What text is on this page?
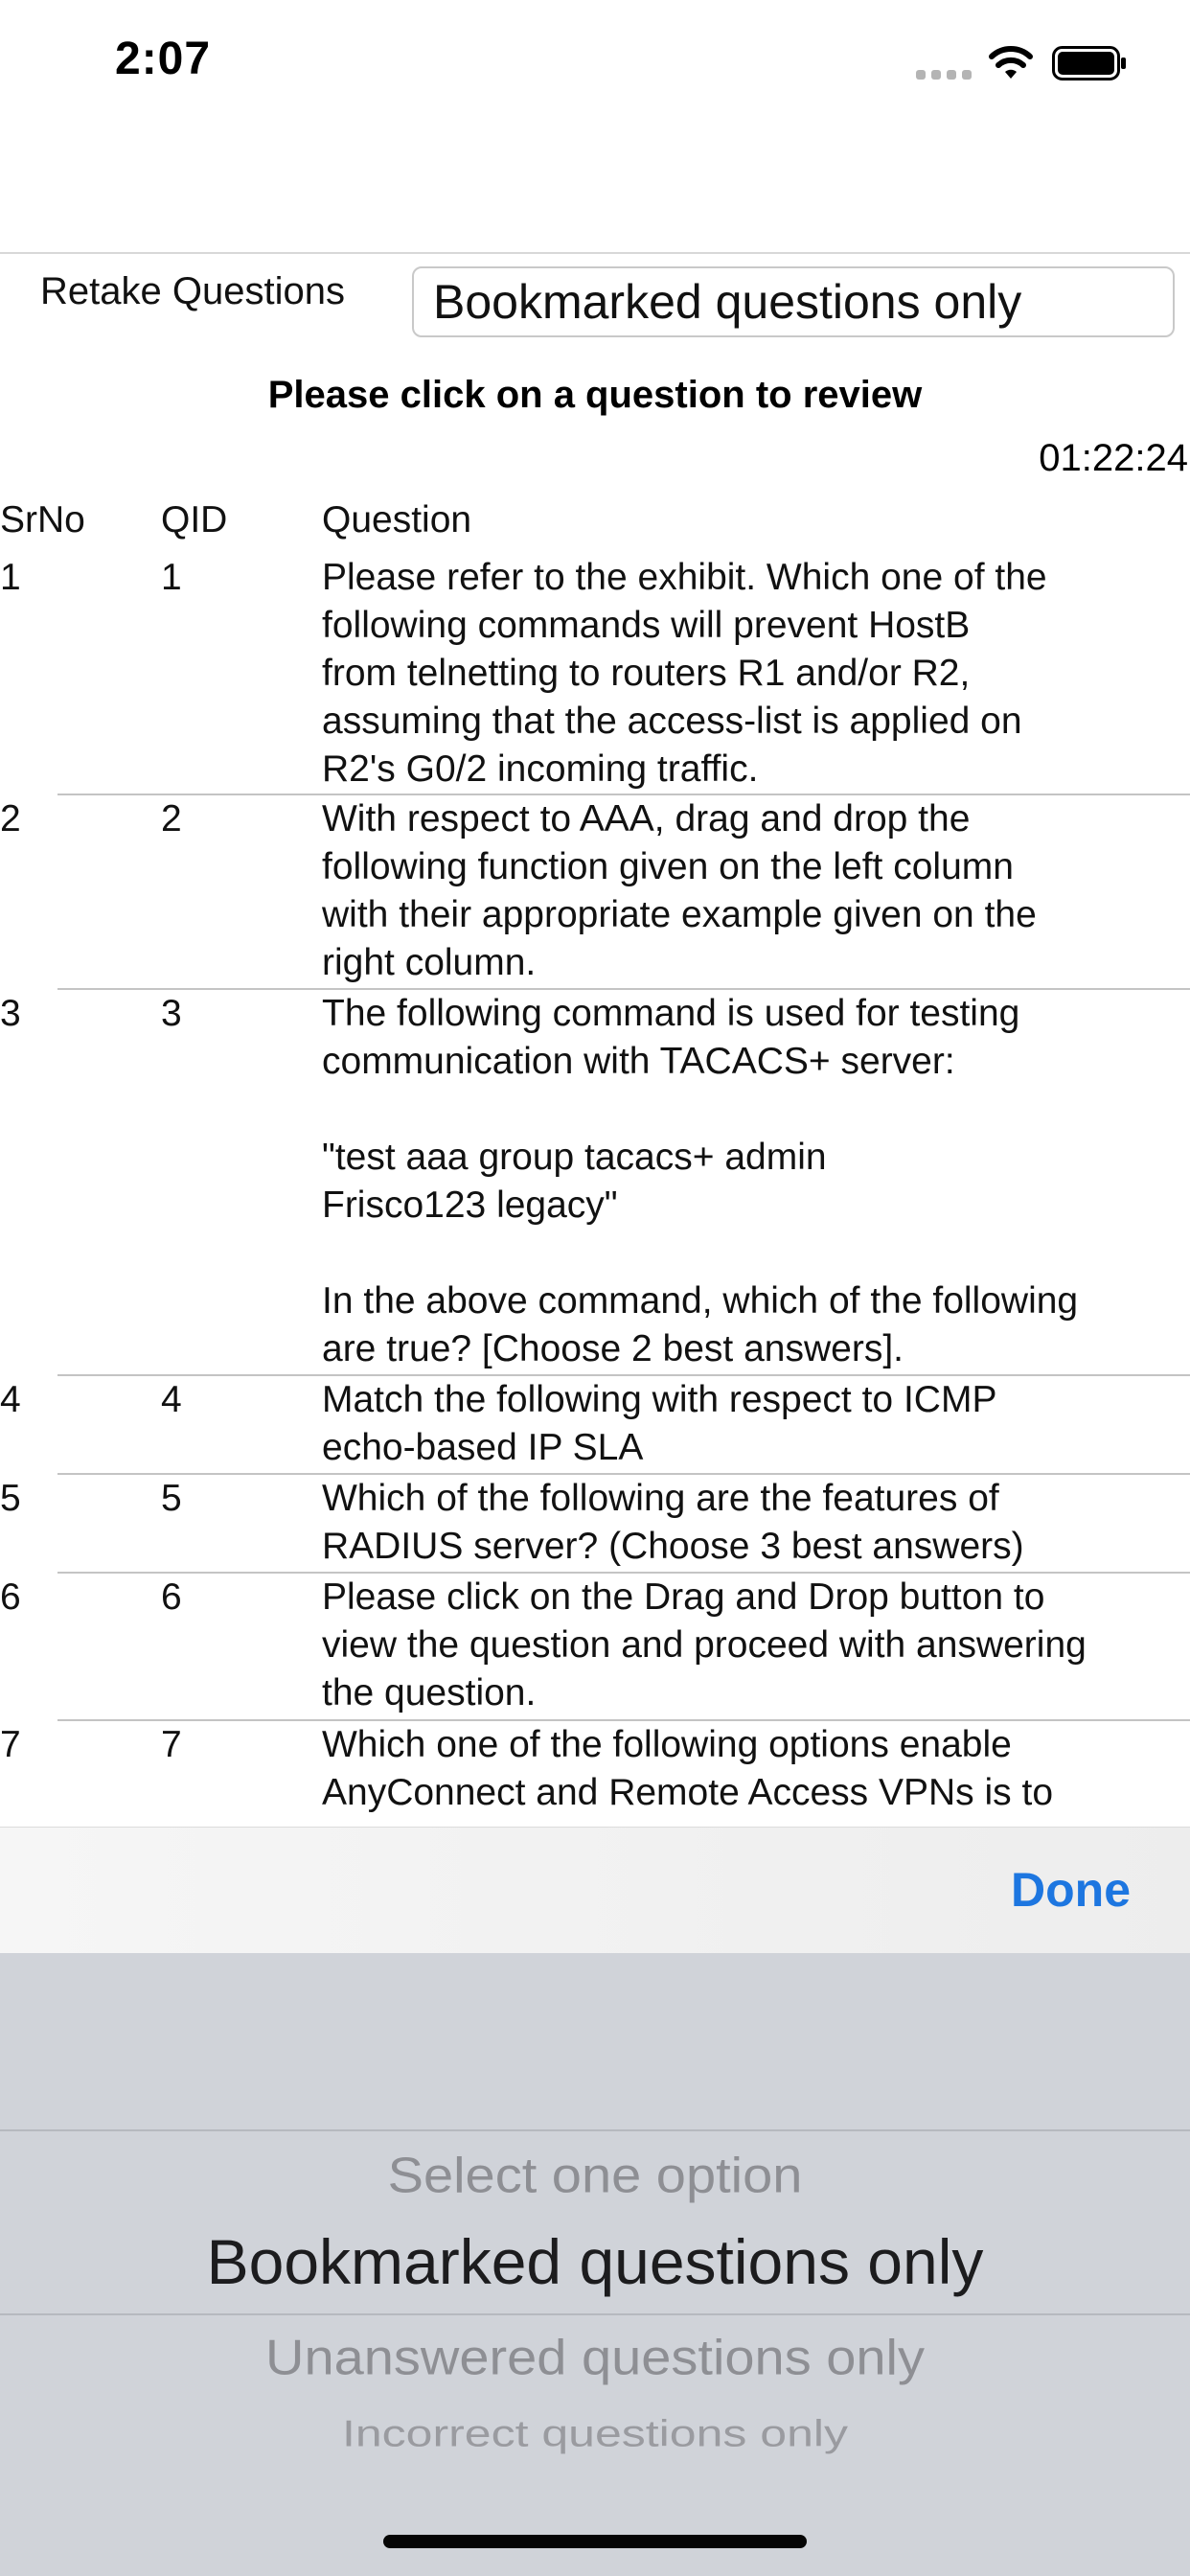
2:07
Retake Questions	Bookmarked questions only
Please click on a question to review
01:22:24
SrNo QID	Question
1	1	Please refer to the exhibit. Which one of the
following commands will prevent HostB
from telnetting to routers R1 and/or R2,
assuming that the access-list is applied on
R2's G0/2 incoming traffic.
2	2	With respect to AAA, drag and drop the
following function given on the left column
with their appropriate example given on the
right column.
3	3	The following command is used for testing
communication with TACACS+ server:

"test aaa group tacacs+ admin
Frisco123 legacy"

In the above command, which of the following
are true? [Choose 2 best answers].
4	4	Match the following with respect to ICMP
echo-based IP SLA
5	5	Which of the following are the features of
RADIUS server? (Choose 3 best answers)
6	6	Please click on the Drag and Drop button to
view the question and proceed with answering
the question.
7	7	Which one of the following options enable
AnyConnect and Remote Access VPNs is to
Done
Select one option
Bookmarked questions only
Unanswered questions only
Incorrect questions only
